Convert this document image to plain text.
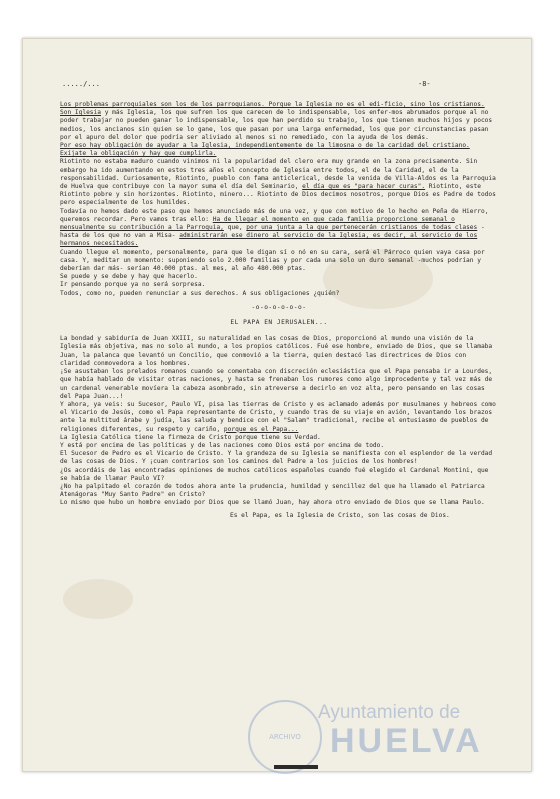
...../...	-8-

Los problemas parroquiales son los de los parroquianos. Porque la Iglesia no es el edi-ficio, sino los cristianos.

Son Iglesia y más Iglesia, los que sufren los que carecen de lo indispensable, los enfer-mos abrumados porque al no poder trabajar no pueden ganar lo indispensable, los que han perdido su trabajo, los que tienen muchos hijos y pocos medios, los ancianos sin quien se lo gane, los que pasan por una larga enfermedad, los que por circunstancias pasan por el apuro del dolor que podría ser aliviado al menos si no remediado, con la ayuda de los demás.

Por eso hay obligación de ayudar a la Iglesia, independientemente de la limosna o de la caridad del cristiano. Exíjate la obligación y hay que cumplirla.

Riotinto no estaba maduro cuando vinimos ni la popularidad del clero era muy grande en la zona precisamente. Sin embargo ha ido aumentando en estos tres años el concepto de Iglesia entre todos, el de la Caridad, el de la responsabilidad. Curiosamente, Riotinto, pueblo con fama anticlerical, desde la venida de Villa-Aldos es la Parroquia de Huelva que contribuye con la mayor suma el día del Seminario, el día que es "para hacer curas". Riotinto, este Riotinto pobre y sin horizontes. Riotinto, minero... Riotinto de Dios decimos nosotros, porque Dios es Padre de todos pero especialmente de los humildes.

Todavía no hemos dado este paso que hemos anunciado más de una vez, y que con motivo de lo hecho en Peña de Hierro, queremos recordar. Pero vamos tras ello: Ha de llegar el momento en que cada familia proporcione semanal o mensualmente su contribución a la Parroquia, que, por una junta a la que pertenecerán cristianos de todas clases -hasta de los que no van a Misa- administrarán ese dinero al servicio de la Iglesia, es decir, al servicio de los hermanos necesitados.

Cuando llegue el momento, personalmente, para que le digan sí o nó en su cara, será el Párroco quien vaya casa por casa. Y, meditar un momento: suponiendo solo 2.000 familias y por cada una solo un duro semanal -muchos podrían y deberían dar más- serían 40.000 ptas. al mes, al año 480.000 ptas.

Se puede y se debe y hay que hacerlo.

Ir pensando porque ya no será sorpresa.

Todos, como no, pueden renunciar a sus derechos. A sus obligaciones ¿quién?

-o-o-o-o-o-o-

EL PAPA EN JERUSALEN...

La bondad y sabiduría de Juan XXIII, su naturalidad en las cosas de Dios, proporcionó al mundo una visión de la Iglesia más objetiva, mas no solo al mundo, a los propios católicos. Fué ese hombre, enviado de Dios, que se llamaba Juan, la palanca que levantó un Concilio, que conmovió a la tierra, quien destacó las directrices de Dios con claridad conmovedora a los hombres.

¡Se asustaban los prelados romanos cuando se comentaba con discreción eclesiástica que el Papa pensaba ir a Lourdes, que había hablado de visitar otras naciones, y hasta se frenaban los rumores como algo improcedente y tal vez más de un cardenal venerable movíera la cabeza asombrado, sin atreverse a decirlo en voz alta, pero pensando en las cosas del Papa Juan...!

Y ahora, ya veis: su Sucesor, Paulo VI, pisa las tierras de Cristo y es aclamado además por musulmanes y hebreos como el Vicario de Jesús, como el Papa representante de Cristo, y cuando tras de su viaje en avión, levantando los brazos ante la multitud árabe y judía, las saluda y bendice con el "Salam" tradicional, recibe el entusiasmo de pueblos de religiones diferentes, su respeto y cariño, porque es el Papa...

La Iglesia Católica tiene la firmeza de Cristo porque tiene su Verdad.

Y está por encima de las políticas y de las naciones como Dios está por encima de todo.

El Sucesor de Pedro es el Vicario de Cristo. Y la grandeza de su Iglesia se manifiesta con el esplendor de la verdad de las cosas de Dios. Y ¡cuan contrarios son los caminos del Padre a los juicios de los hombres!

¿Os acordáis de las encontradas opiniones de muchos católicos españoles cuando fué elegido el Cardenal Montini, que se había de llamar Paulo VI?

¿No ha palpitado el corazón de todos ahora ante la prudencia, humildad y sencillez del que ha llamado el Patriarca Atenágoras "Muy Santo Padre" en Cristo?

Lo mismo que hubo un hombre enviado por Dios que se llamó Juan, hay ahora otro enviado de Dios que se llama Paulo.

Es el Papa, es la Iglesia de Cristo, son las cosas de Dios.

ARCHIVO
Ayuntamiento de
HUELVA
